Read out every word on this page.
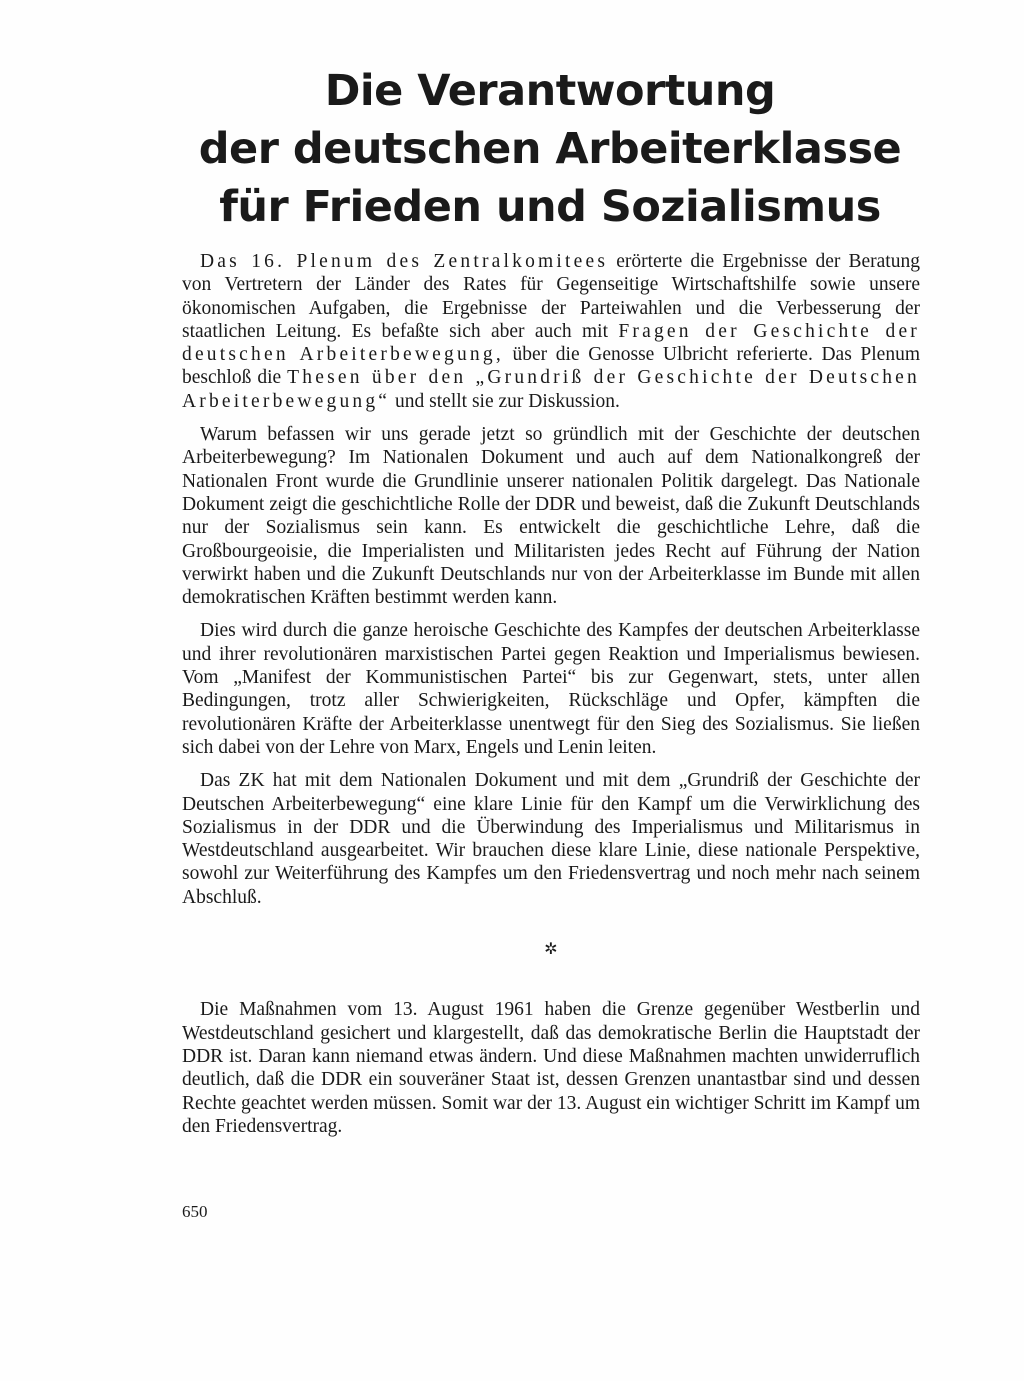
Die Verantwortung
der deutschen Arbeiterklasse
für Frieden und Sozialismus

Das 16. Plenum des Zentralkomitees erörterte die Ergebnisse der Beratung von Vertretern der Länder des Rates für Gegenseitige Wirtschaftshilfe sowie unsere ökonomischen Aufgaben, die Ergebnisse der Parteiwahlen und die Verbesserung der staatlichen Leitung. Es befaßte sich aber auch mit Fragen der Geschichte der deutschen Arbeiterbewegung, über die Genosse Ulbricht referierte. Das Plenum beschloß die Thesen über den „Grundriß der Geschichte der Deutschen Arbeiterbewegung“ und stellt sie zur Diskussion.

Warum befassen wir uns gerade jetzt so gründlich mit der Geschichte der deutschen Arbeiterbewegung? Im Nationalen Dokument und auch auf dem Nationalkongreß der Nationalen Front wurde die Grundlinie unserer nationalen Politik dargelegt. Das Nationale Dokument zeigt die geschichtliche Rolle der DDR und beweist, daß die Zukunft Deutschlands nur der Sozialismus sein kann. Es entwickelt die geschichtliche Lehre, daß die Großbourgeoisie, die Imperialisten und Militaristen jedes Recht auf Führung der Nation verwirkt haben und die Zukunft Deutschlands nur von der Arbeiterklasse im Bunde mit allen demokratischen Kräften bestimmt werden kann.

Dies wird durch die ganze heroische Geschichte des Kampfes der deutschen Arbeiterklasse und ihrer revolutionären marxistischen Partei gegen Reaktion und Imperialismus bewiesen. Vom „Manifest der Kommunistischen Partei“ bis zur Gegenwart, stets, unter allen Bedingungen, trotz aller Schwierigkeiten, Rückschläge und Opfer, kämpften die revolutionären Kräfte der Arbeiterklasse unentwegt für den Sieg des Sozialismus. Sie ließen sich dabei von der Lehre von Marx, Engels und Lenin leiten.

Das ZK hat mit dem Nationalen Dokument und mit dem „Grundriß der Geschichte der Deutschen Arbeiterbewegung“ eine klare Linie für den Kampf um die Verwirklichung des Sozialismus in der DDR und die Überwindung des Imperialismus und Militarismus in Westdeutschland ausgearbeitet. Wir brauchen diese klare Linie, diese nationale Perspektive, sowohl zur Weiterführung des Kampfes um den Friedensvertrag und noch mehr nach seinem Abschluß.

✲

Die Maßnahmen vom 13. August 1961 haben die Grenze gegenüber Westberlin und Westdeutschland gesichert und klargestellt, daß das demokratische Berlin die Hauptstadt der DDR ist. Daran kann niemand etwas ändern. Und diese Maßnahmen machten unwiderruflich deutlich, daß die DDR ein souveräner Staat ist, dessen Grenzen unantastbar sind und dessen Rechte geachtet werden müssen. Somit war der 13. August ein wichtiger Schritt im Kampf um den Friedensvertrag.

650
